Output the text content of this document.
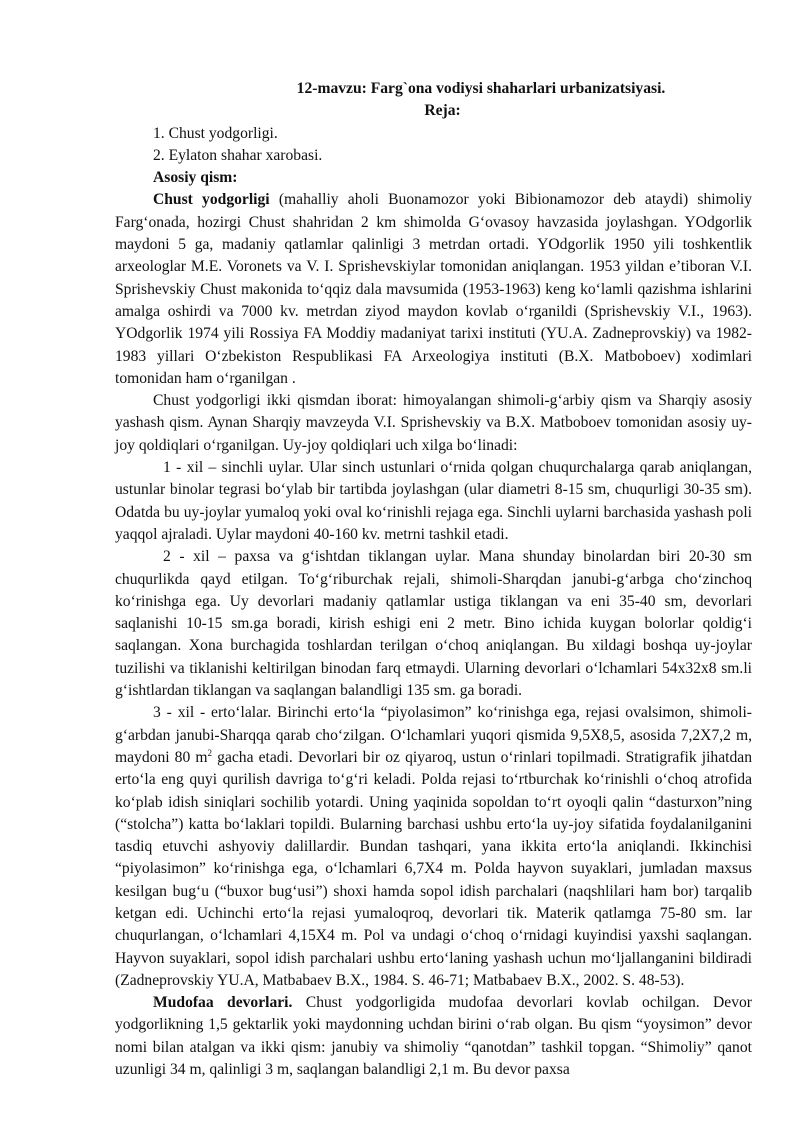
12-mavzu: Farg`ona vodiysi shaharlari urbanizatsiyasi.

Reja:

1. Chust yodgorligi.

2. Eylaton shahar xarobasi.

Asosiy qism:

Chust yodgorligi (mahalliy aholi Buonamozor yoki Bibionamozor deb ataydi) shimoliy Farg‘onada, hozirgi Chust shahridan 2 km shimolda G‘ovasoy havzasida joylashgan. YOdgorlik maydoni 5 ga, madaniy qatlamlar qalinligi 3 metrdan ortadi. YOdgorlik 1950 yili toshkentlik arxeologlar M.E. Voronets va V. I. Sprishevskiylar tomonidan aniqlangan. 1953 yildan e’tiboran V.I. Sprishevskiy Chust makonida to‘qqiz dala mavsumida (1953-1963) keng ko‘lamli qazishma ishlarini amalga oshirdi va 7000 kv. metrdan ziyod maydon kovlab o‘rganildi (Sprishevskiy V.I., 1963). YOdgorlik 1974 yili Rossiya FA Moddiy madaniyat tarixi instituti (YU.A. Zadneprovskiy) va 1982-1983 yillari O‘zbekiston Respublikasi FA Arxeologiya instituti (B.X. Matboboev) xodimlari tomonidan ham o‘rganilgan .

Chust yodgorligi ikki qismdan iborat: himoyalangan shimoli-g‘arbiy qism va Sharqiy asosiy yashash qism. Aynan Sharqiy mavzeyda V.I. Sprishevskiy va B.X. Matboboev tomonidan asosiy uy-joy qoldiqlari o‘rganilgan. Uy-joy qoldiqlari uch xilga bo‘linadi:

1 - xil – sinchli uylar. Ular sinch ustunlari o‘rnida qolgan chuqurchalarga qarab aniqlangan, ustunlar binolar tegrasi bo‘ylab bir tartibda joylashgan (ular diametri 8-15 sm, chuqurligi 30-35 sm). Odatda bu uy-joylar yumaloq yoki oval ko‘rinishli rejaga ega. Sinchli uylarni barchasida yashash poli yaqqol ajraladi. Uylar maydoni 40-160 kv. metrni tashkil etadi.

2 - xil – paxsa va g‘ishtdan tiklangan uylar. Mana shunday binolardan biri 20-30 sm chuqurlikda qayd etilgan. To‘g‘riburchak rejali, shimoli-Sharqdan janubi-g‘arbga cho‘zinchoq ko‘rinishga ega. Uy devorlari madaniy qatlamlar ustiga tiklangan va eni 35-40 sm, devorlari saqlanishi 10-15 sm.ga boradi, kirish eshigi eni 2 metr. Bino ichida kuygan bolorlar qoldig‘i saqlangan. Xona burchagida toshlardan terilgan o‘choq aniqlangan. Bu xildagi boshqa uy-joylar tuzilishi va tiklanishi keltirilgan binodan farq etmaydi. Ularning devorlari o‘lchamlari 54x32x8 sm.li g‘ishtlardan tiklangan va saqlangan balandligi 135 sm. ga boradi.

3 - xil - erto‘lalar. Birinchi erto‘la “piyolasimon” ko‘rinishga ega, rejasi ovalsimon, shimoli-g‘arbdan janubi-Sharqqa qarab cho‘zilgan. O‘lchamlari yuqori qismida 9,5X8,5, asosida 7,2X7,2 m, maydoni 80 $m^2$ gacha etadi. Devorlari bir oz qiyaroq, ustun o‘rinlari topilmadi. Stratigrafik jihatdan erto‘la eng quyi qurilish davriga to‘g‘ri keladi. Polda rejasi to‘rtburchak ko‘rinishli o‘choq atrofida ko‘plab idish siniqlari sochilib yotardi. Uning yaqinida sopoldan to‘rt oyoqli qalin “dasturxon”ning (“stolcha”) katta bo‘laklari topildi. Bularning barchasi ushbu erto‘la uy-joy sifatida foydalanilganini tasdiq etuvchi ashyoviy dalillardir. Bundan tashqari, yana ikkita erto‘la aniqlandi. Ikkinchisi “piyolasimon” ko‘rinishga ega, o‘lchamlari 6,7X4 m. Polda hayvon suyaklari, jumladan maxsus kesilgan bug‘u (“buxor bug‘usi”) shoxi hamda sopol idish parchalari (naqshlilari ham bor) tarqalib ketgan edi. Uchinchi erto‘la rejasi yumaloqroq, devorlari tik. Materik qatlamga 75-80 sm. lar chuqurlangan, o‘lchamlari 4,15X4 m. Pol va undagi o‘choq o‘rnidagi kuyindisi yaxshi saqlangan. Hayvon suyaklari, sopol idish parchalari ushbu erto‘laning yashash uchun mo‘ljallanganini bildiradi (Zadneprovskiy YU.A, Matbabaev B.X., 1984. S. 46-71; Matbabaev B.X., 2002. S. 48-53).

Mudofaa devorlari. Chust yodgorligida mudofaa devorlari kovlab ochilgan. Devor yodgorlikning 1,5 gektarlik yoki maydonning uchdan birini o‘rab olgan. Bu qism “yoysimon” devor nomi bilan atalgan va ikki qism: janubiy va shimoliy “qanotdan” tashkil topgan. “Shimoliy” qanot uzunligi 34 m, qalinligi 3 m, saqlangan balandligi 2,1 m. Bu devor paxsa
